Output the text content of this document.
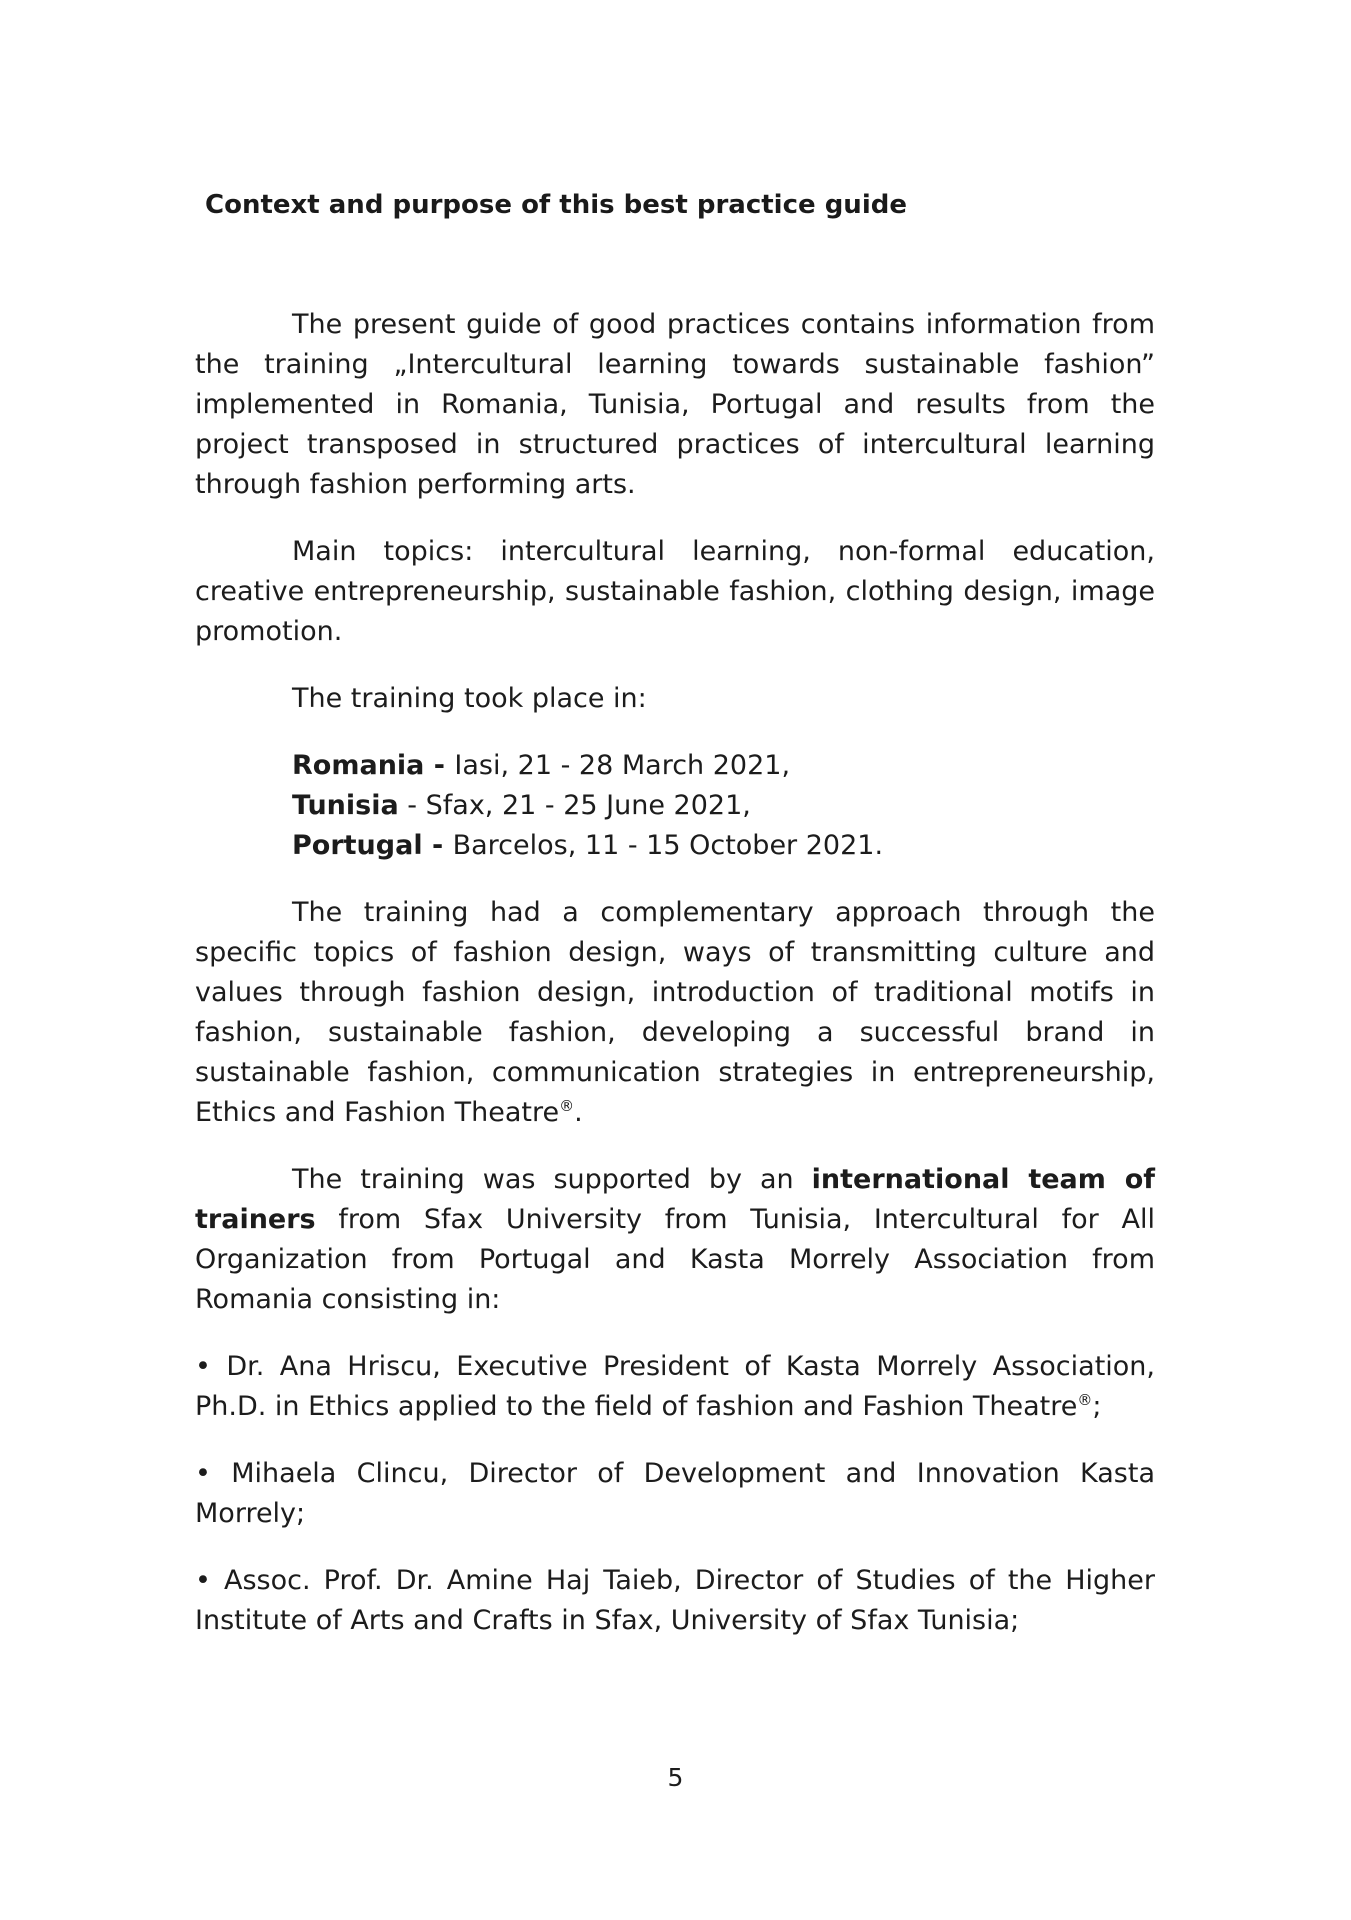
Context and purpose of this best practice guide

The present guide of good practices contains information from the training „Intercultural learning towards sustainable fashion” implemented in Romania, Tunisia, Portugal and results from the project transposed in structured practices of intercultural learning through fashion performing arts.

Main topics: intercultural learning, non-formal education, creative entrepreneurship, sustainable fashion, clothing design, image promotion.

The training took place in:

Romania - Iasi, 21 - 28 March 2021,
Tunisia - Sfax, 21 - 25 June 2021,
Portugal - Barcelos, 11 - 15 October 2021.

The training had a complementary approach through the specific topics of fashion design, ways of transmitting culture and values through fashion design, introduction of traditional motifs in fashion, sustainable fashion, developing a successful brand in sustainable fashion, communication strategies in entrepreneurship, Ethics and Fashion Theatre®.

The training was supported by an international team of trainers from Sfax University from Tunisia, Intercultural for All Organization from Portugal and Kasta Morrely Association from Romania consisting in:

• Dr. Ana Hriscu, Executive President of Kasta Morrely Association, Ph.D. in Ethics applied to the field of fashion and Fashion Theatre®;

• Mihaela Clincu, Director of Development and Innovation Kasta Morrely;

• Assoc. Prof. Dr. Amine Haj Taieb, Director of Studies of the Higher Institute of Arts and Crafts in Sfax, University of Sfax Tunisia;

5
